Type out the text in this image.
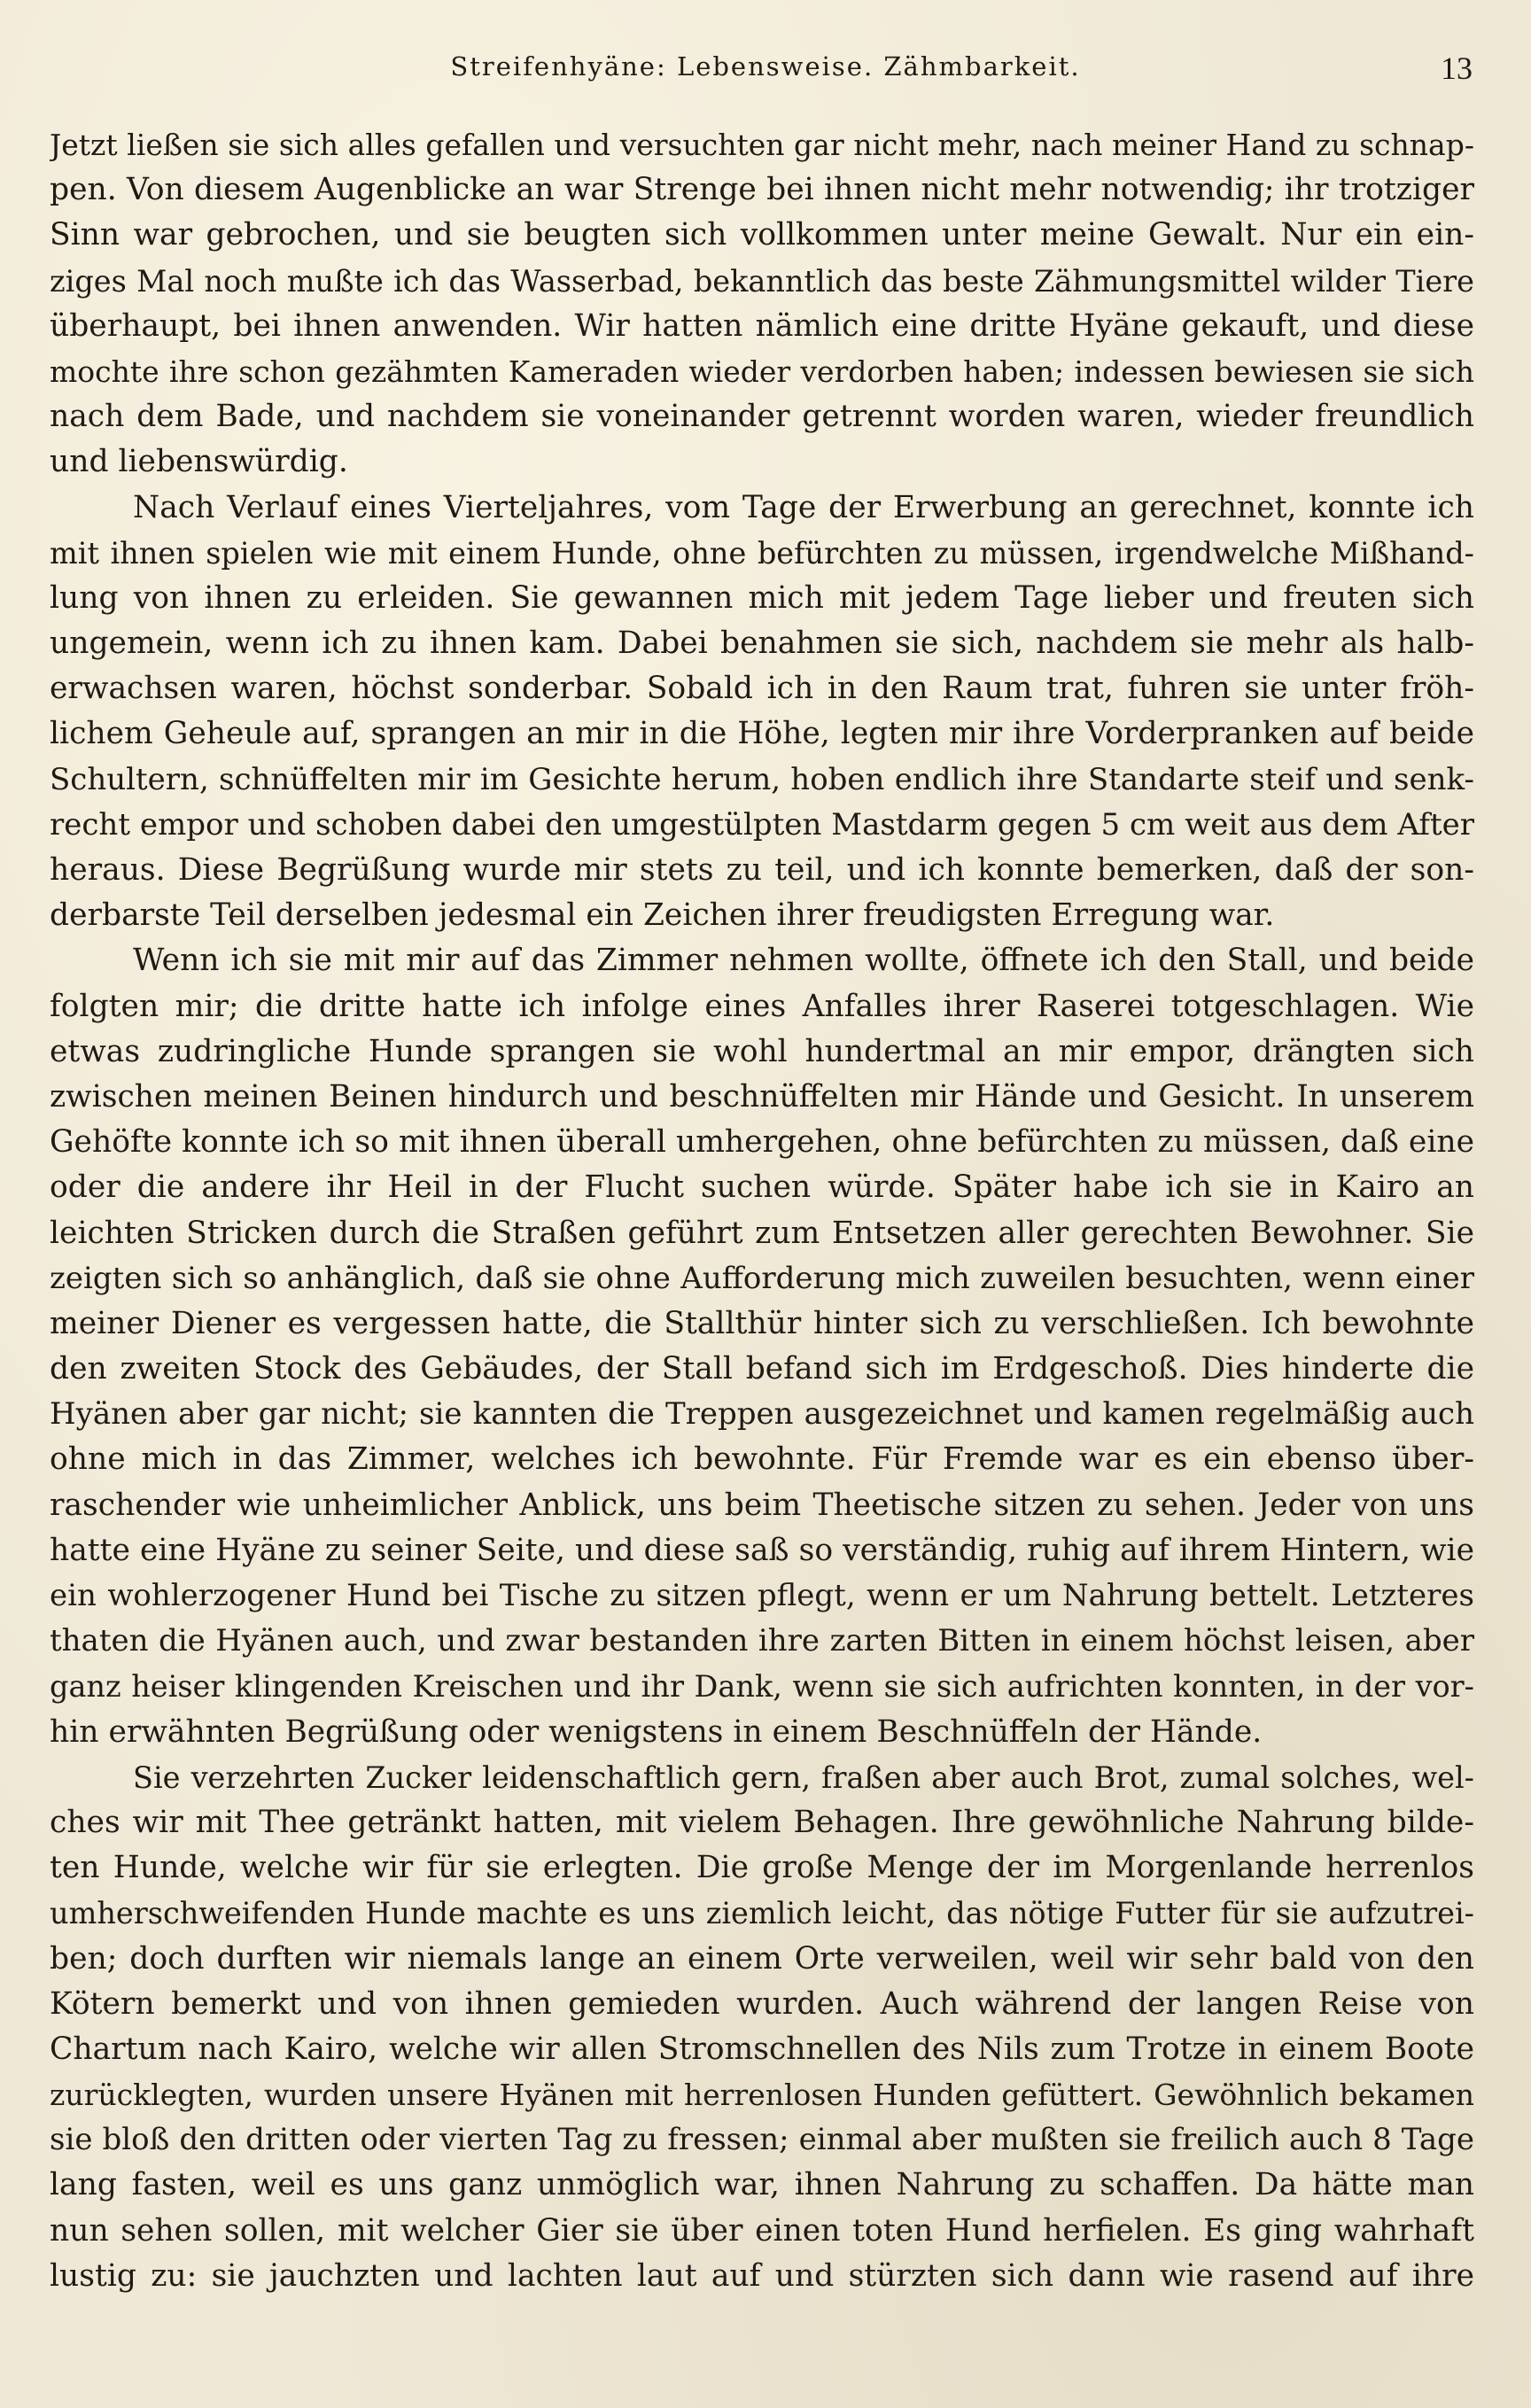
Streifenhyäne: Lebensweise. Zähmbarkeit.	13
Jetzt ließen sie sich alles gefallen und versuchten gar nicht mehr, nach meiner Hand zu schnap-
pen. Von diesem Augenblicke an war Strenge bei ihnen nicht mehr notwendig; ihr trotziger
Sinn war gebrochen, und sie beugten sich vollkommen unter meine Gewalt. Nur ein ein-
ziges Mal noch mußte ich das Wasserbad, bekanntlich das beste Zähmungsmittel wilder Tiere
überhaupt, bei ihnen anwenden. Wir hatten nämlich eine dritte Hyäne gekauft, und diese
mochte ihre schon gezähmten Kameraden wieder verdorben haben; indessen bewiesen sie sich
nach dem Bade, und nachdem sie voneinander getrennt worden waren, wieder freundlich
und liebenswürdig.
Nach Verlauf eines Vierteljahres, vom Tage der Erwerbung an gerechnet, konnte ich
mit ihnen spielen wie mit einem Hunde, ohne befürchten zu müssen, irgendwelche Mißhand-
lung von ihnen zu erleiden. Sie gewannen mich mit jedem Tage lieber und freuten sich
ungemein, wenn ich zu ihnen kam. Dabei benahmen sie sich, nachdem sie mehr als halb-
erwachsen waren, höchst sonderbar. Sobald ich in den Raum trat, fuhren sie unter fröh-
lichem Geheule auf, sprangen an mir in die Höhe, legten mir ihre Vorderpranken auf beide
Schultern, schnüffelten mir im Gesichte herum, hoben endlich ihre Standarte steif und senk-
recht empor und schoben dabei den umgestülpten Mastdarm gegen 5 cm weit aus dem After
heraus. Diese Begrüßung wurde mir stets zu teil, und ich konnte bemerken, daß der son-
derbarste Teil derselben jedesmal ein Zeichen ihrer freudigsten Erregung war.
Wenn ich sie mit mir auf das Zimmer nehmen wollte, öffnete ich den Stall, und beide
folgten mir; die dritte hatte ich infolge eines Anfalles ihrer Raserei totgeschlagen. Wie
etwas zudringliche Hunde sprangen sie wohl hundertmal an mir empor, drängten sich
zwischen meinen Beinen hindurch und beschnüffelten mir Hände und Gesicht. In unserem
Gehöfte konnte ich so mit ihnen überall umhergehen, ohne befürchten zu müssen, daß eine
oder die andere ihr Heil in der Flucht suchen würde. Später habe ich sie in Kairo an
leichten Stricken durch die Straßen geführt zum Entsetzen aller gerechten Bewohner. Sie
zeigten sich so anhänglich, daß sie ohne Aufforderung mich zuweilen besuchten, wenn einer
meiner Diener es vergessen hatte, die Stallthür hinter sich zu verschließen. Ich bewohnte
den zweiten Stock des Gebäudes, der Stall befand sich im Erdgeschoß. Dies hinderte die
Hyänen aber gar nicht; sie kannten die Treppen ausgezeichnet und kamen regelmäßig auch
ohne mich in das Zimmer, welches ich bewohnte. Für Fremde war es ein ebenso über-
raschender wie unheimlicher Anblick, uns beim Theetische sitzen zu sehen. Jeder von uns
hatte eine Hyäne zu seiner Seite, und diese saß so verständig, ruhig auf ihrem Hintern, wie
ein wohlerzogener Hund bei Tische zu sitzen pflegt, wenn er um Nahrung bettelt. Letzteres
thaten die Hyänen auch, und zwar bestanden ihre zarten Bitten in einem höchst leisen, aber
ganz heiser klingenden Kreischen und ihr Dank, wenn sie sich aufrichten konnten, in der vor-
hin erwähnten Begrüßung oder wenigstens in einem Beschnüffeln der Hände.
Sie verzehrten Zucker leidenschaftlich gern, fraßen aber auch Brot, zumal solches, wel-
ches wir mit Thee getränkt hatten, mit vielem Behagen. Ihre gewöhnliche Nahrung bilde-
ten Hunde, welche wir für sie erlegten. Die große Menge der im Morgenlande herrenlos
umherschweifenden Hunde machte es uns ziemlich leicht, das nötige Futter für sie aufzutrei-
ben; doch durften wir niemals lange an einem Orte verweilen, weil wir sehr bald von den
Kötern bemerkt und von ihnen gemieden wurden. Auch während der langen Reise von
Chartum nach Kairo, welche wir allen Stromschnellen des Nils zum Trotze in einem Boote
zurücklegten, wurden unsere Hyänen mit herrenlosen Hunden gefüttert. Gewöhnlich bekamen
sie bloß den dritten oder vierten Tag zu fressen; einmal aber mußten sie freilich auch 8 Tage
lang fasten, weil es uns ganz unmöglich war, ihnen Nahrung zu schaffen. Da hätte man
nun sehen sollen, mit welcher Gier sie über einen toten Hund herfielen. Es ging wahrhaft
lustig zu: sie jauchzten und lachten laut auf und stürzten sich dann wie rasend auf ihre
